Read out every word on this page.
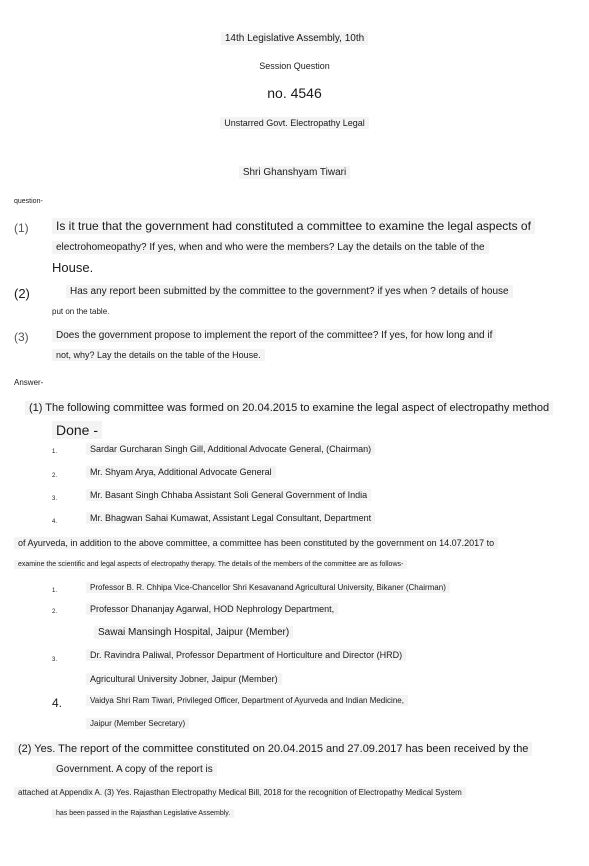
14th Legislative Assembly, 10th
Session Question
no. 4546
Unstarred Govt. Electropathy Legal
Shri Ghanshyam Tiwari
question-
(1)	Is it true that the government had constituted a committee to examine the legal aspects of
electrohomeopathy? If yes, when and who were the members? Lay the details on the table of the
House.
(2)	Has any report been submitted by the committee to the government? if yes when ? details of house
put on the table.
(3)	Does the government propose to implement the report of the committee? If yes, for how long and if
not, why? Lay the details on the table of the House.
Answer-
(1) The following committee was formed on 20.04.2015 to examine the legal aspect of electropathy method
Done -
1.	Sardar Gurcharan Singh Gill, Additional Advocate General, (Chairman)
2.	Mr. Shyam Arya, Additional Advocate General
3.	Mr. Basant Singh Chhaba Assistant Soli General Government of India
4.	Mr. Bhagwan Sahai Kumawat, Assistant Legal Consultant, Department
of Ayurveda, in addition to the above committee, a committee has been constituted by the government on 14.07.2017 to
examine the scientific and legal aspects of electropathy therapy. The details of the members of the committee are as follows-
1.	Professor B. R. Chhipa Vice-Chancellor Shri Kesavanand Agricultural University, Bikaner (Chairman)
2.	Professor Dhananjay Agarwal, HOD Nephrology Department,
Sawai Mansingh Hospital, Jaipur (Member)
3.	Dr. Ravindra Paliwal, Professor Department of Horticulture and Director (HRD)
Agricultural University Jobner, Jaipur (Member)
4.	Vaidya Shri Ram Tiwari, Privileged Officer, Department of Ayurveda and Indian Medicine,
Jaipur (Member Secretary)
(2) Yes. The report of the committee constituted on 20.04.2015 and 27.09.2017 has been received by the
Government. A copy of the report is
attached at Appendix A. (3) Yes. Rajasthan Electropathy Medical Bill, 2018 for the recognition of Electropathy Medical System
has been passed in the Rajasthan Legislative Assembly.
